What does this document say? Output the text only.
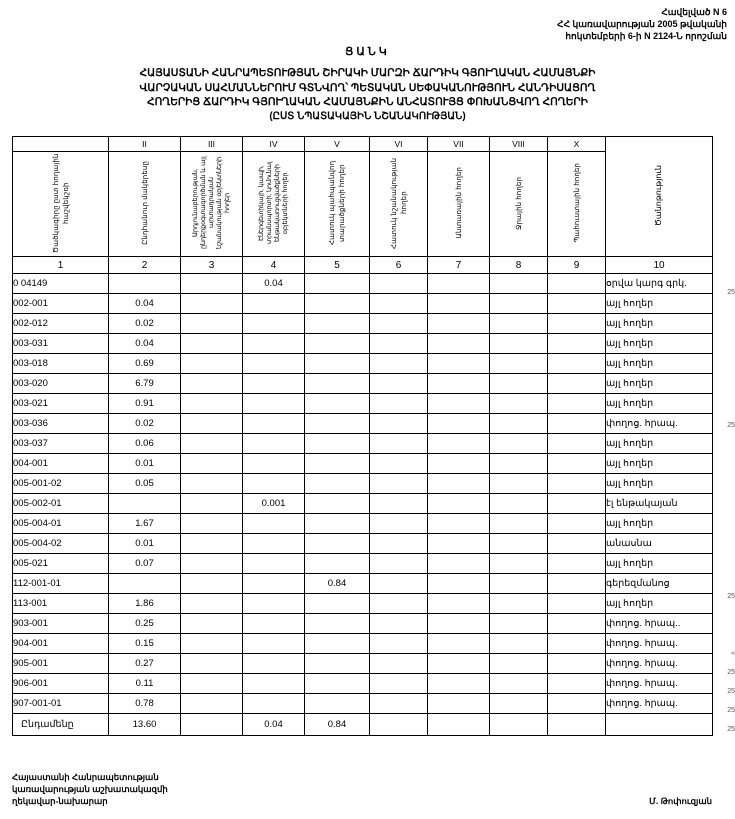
Հավելված N 6
ՀՀ կառավարության 2005 թվականի
հոկտեմբերի 6-ի N 2124-Ն որոշման
ՑԱՆԿ
ՀԱՅԱՍՏԱՆԻ ՀԱՆՐԱՊԵՏՈՒԹՅԱՆ ՇԻՐԱԿԻ ՄԱՐԶԻ ՃԱՐԴԻԿ ԳՅՈՒՂԱԿԱՆ ՀԱՄԱՅՆՔԻ
ՎԱՐՉԱԿԱՆ ՍԱՀՄԱՆՆԵՐՈՒՄ ԳՏՆՎՈՂ՝ ՊԵՏԱԿԱՆ ՍԵՓԱԿԱՆՈՒԹՅՈՒՆ ՀԱՆԴԻՍԱՑՈՂ
ՀՈՂԵՐԻՑ ՃԱՐԴԻԿ ԳՅՈՒՂԱԿԱՆ ՀԱՄԱՅՆՔԻՆ ԱՆՀԱՏՈՒՅՑ ՓՈԽԱՆՑՎՈՂ ՀՈՂԵՐԻ
(ԸՍՏ ՆՊԱՏԱԿԱՅԻՆ ՆՇԱՆԱԿՈՒԹՅԱՆ)
	II	III	IV	V	VI	VII	VIII	X	Ծանոթություն
Ծածկագիրը ըստ հողային հաշվեկշռի	Ընդհանուր մակերեսը	Արդյունաբերության, ընդերքօգտագործման և այլ արտադրական նշանակության օբյեկտների հողեր	Էներգետիկայի, կապի, տրանսպորտի, կոմունալ ենթակառուցվածքների օբյեկտների հողեր	Հատուկ պահպանվող տարածքների հողեր	Հատուկ նշանակության հողեր	Անտառային հողեր	Ջրային հողեր	Պահուստային հողեր	
1	2	3	4	5	6	7	8	9	10
0 04149			0.04						օրվա կարգ գրկ.
002-001	0.04								այլ հողեր
002-012	0.02								այլ հողեր
003-031	0.04								այլ հողեր
003-018	0.69								այլ հողեր
003-020	6.79								այլ հողեր
003-021	0.91								այլ հողեր
003-036	0.02								փողոց. հրապ.
003-037	0.06								այլ հողեր
004-001	0.01								այլ հողեր
005-001-02	0.05								այլ հողեր
005-002-01			0.001						էլ ենթակայան
005-004-01	1.67								այլ հողեր
005-004-02	0.01								անասնա
005-021	0.07								այլ հողեր
112-001-01				0.84					գերեզմանոց
113-001	1.86								այլ հողեր
903-001	0.25								փողոց. հրապ..
904-001	0.15								փողոց. հրապ.
905-001	0.27								փողոց. հրապ.
906-001	0.11								փողոց. հրապ.
907-001-01	0.78								փողոց. հրապ.
Ընդամենը	13.60		0.04	0.84					
25
25
25
«
25
25
25
25
Հայաստանի Հանրապետության
կառավարության աշխատակազմի
ղեկավար-նախարար	Մ. Թոփուզյան
